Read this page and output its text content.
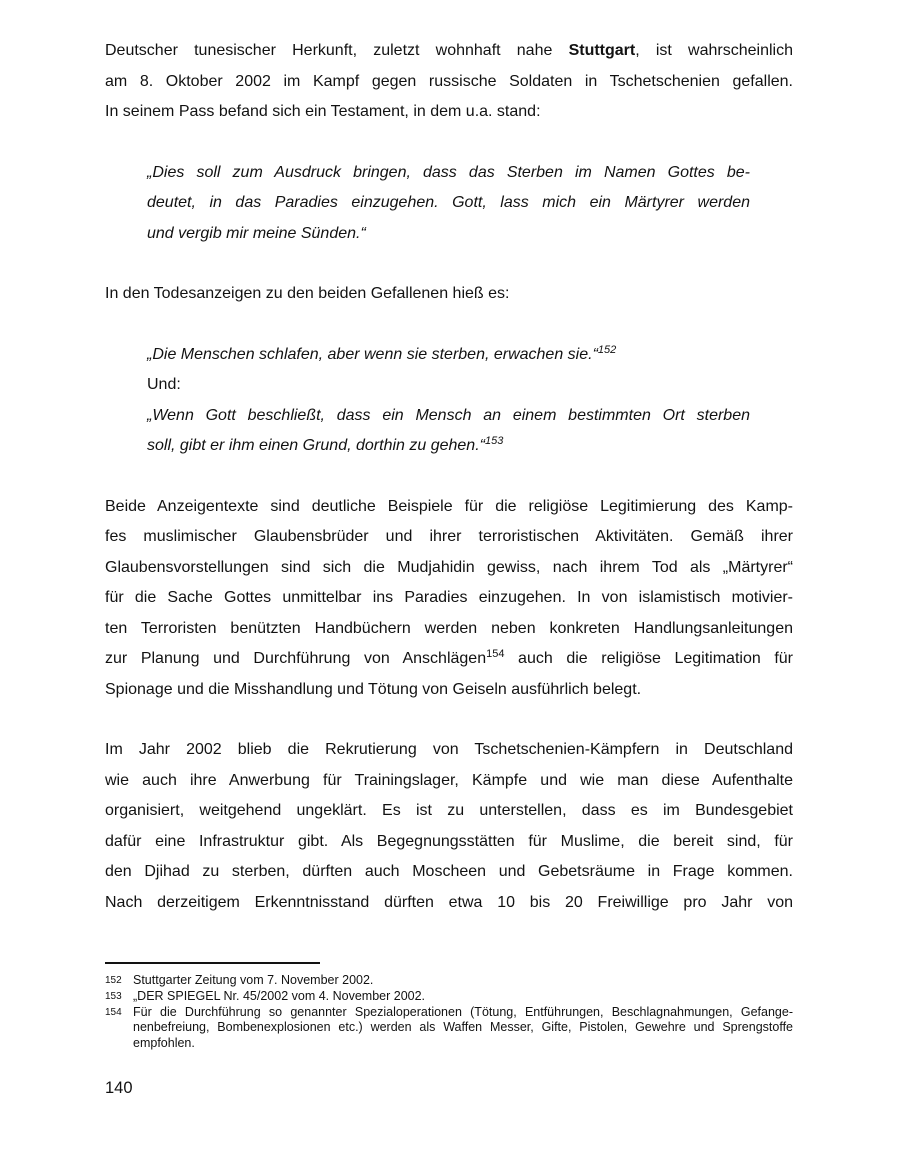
Deutscher tunesischer Herkunft, zuletzt wohnhaft nahe Stuttgart, ist wahrscheinlich
am 8. Oktober 2002 im Kampf gegen russische Soldaten in Tschetschenien gefallen.
In seinem Pass befand sich ein Testament, in dem u.a. stand:
„Dies soll zum Ausdruck bringen, dass das Sterben im Namen Gottes be-
deutet, in das Paradies einzugehen. Gott, lass mich ein Märtyrer werden
und vergib mir meine Sünden.“
In den Todesanzeigen zu den beiden Gefallenen hieß es:
„Die Menschen schlafen, aber wenn sie sterben, erwachen sie.“$^{152}$
Und:
„Wenn Gott beschließt, dass ein Mensch an einem bestimmten Ort sterben
soll, gibt er ihm einen Grund, dorthin zu gehen.“$^{153}$
Beide Anzeigentexte sind deutliche Beispiele für die religiöse Legitimierung des Kamp-
fes muslimischer Glaubensbrüder und ihrer terroristischen Aktivitäten. Gemäß ihrer
Glaubensvorstellungen sind sich die Mudjahidin gewiss, nach ihrem Tod als „Märtyrer“
für die Sache Gottes unmittelbar ins Paradies einzugehen. In von islamistisch motivier-
ten Terroristen benützten Handbüchern werden neben konkreten Handlungsanleitungen
zur Planung und Durchführung von Anschlägen$^{154}$ auch die religiöse Legitimation für
Spionage und die Misshandlung und Tötung von Geiseln ausführlich belegt.
Im Jahr 2002 blieb die Rekrutierung von Tschetschenien-Kämpfern in Deutschland
wie auch ihre Anwerbung für Trainingslager, Kämpfe und wie man diese Aufenthalte
organisiert, weitgehend ungeklärt. Es ist zu unterstellen, dass es im Bundesgebiet
dafür eine Infrastruktur gibt. Als Begegnungsstätten für Muslime, die bereit sind, für
den Djihad zu sterben, dürften auch Moscheen und Gebetsräume in Frage kommen.
Nach derzeitigem Erkenntnisstand dürften etwa 10 bis 20 Freiwillige pro Jahr von
152 Stuttgarter Zeitung vom 7. November 2002.
153 „DER SPIEGEL Nr. 45/2002 vom 4. November 2002.
154 Für die Durchführung so genannter Spezialoperationen (Tötung, Entführungen, Beschlagnahmungen, Gefange-
nenbefreiung, Bombenexplosionen etc.) werden als Waffen Messer, Gifte, Pistolen, Gewehre und Sprengstoffe
empfohlen.
140
